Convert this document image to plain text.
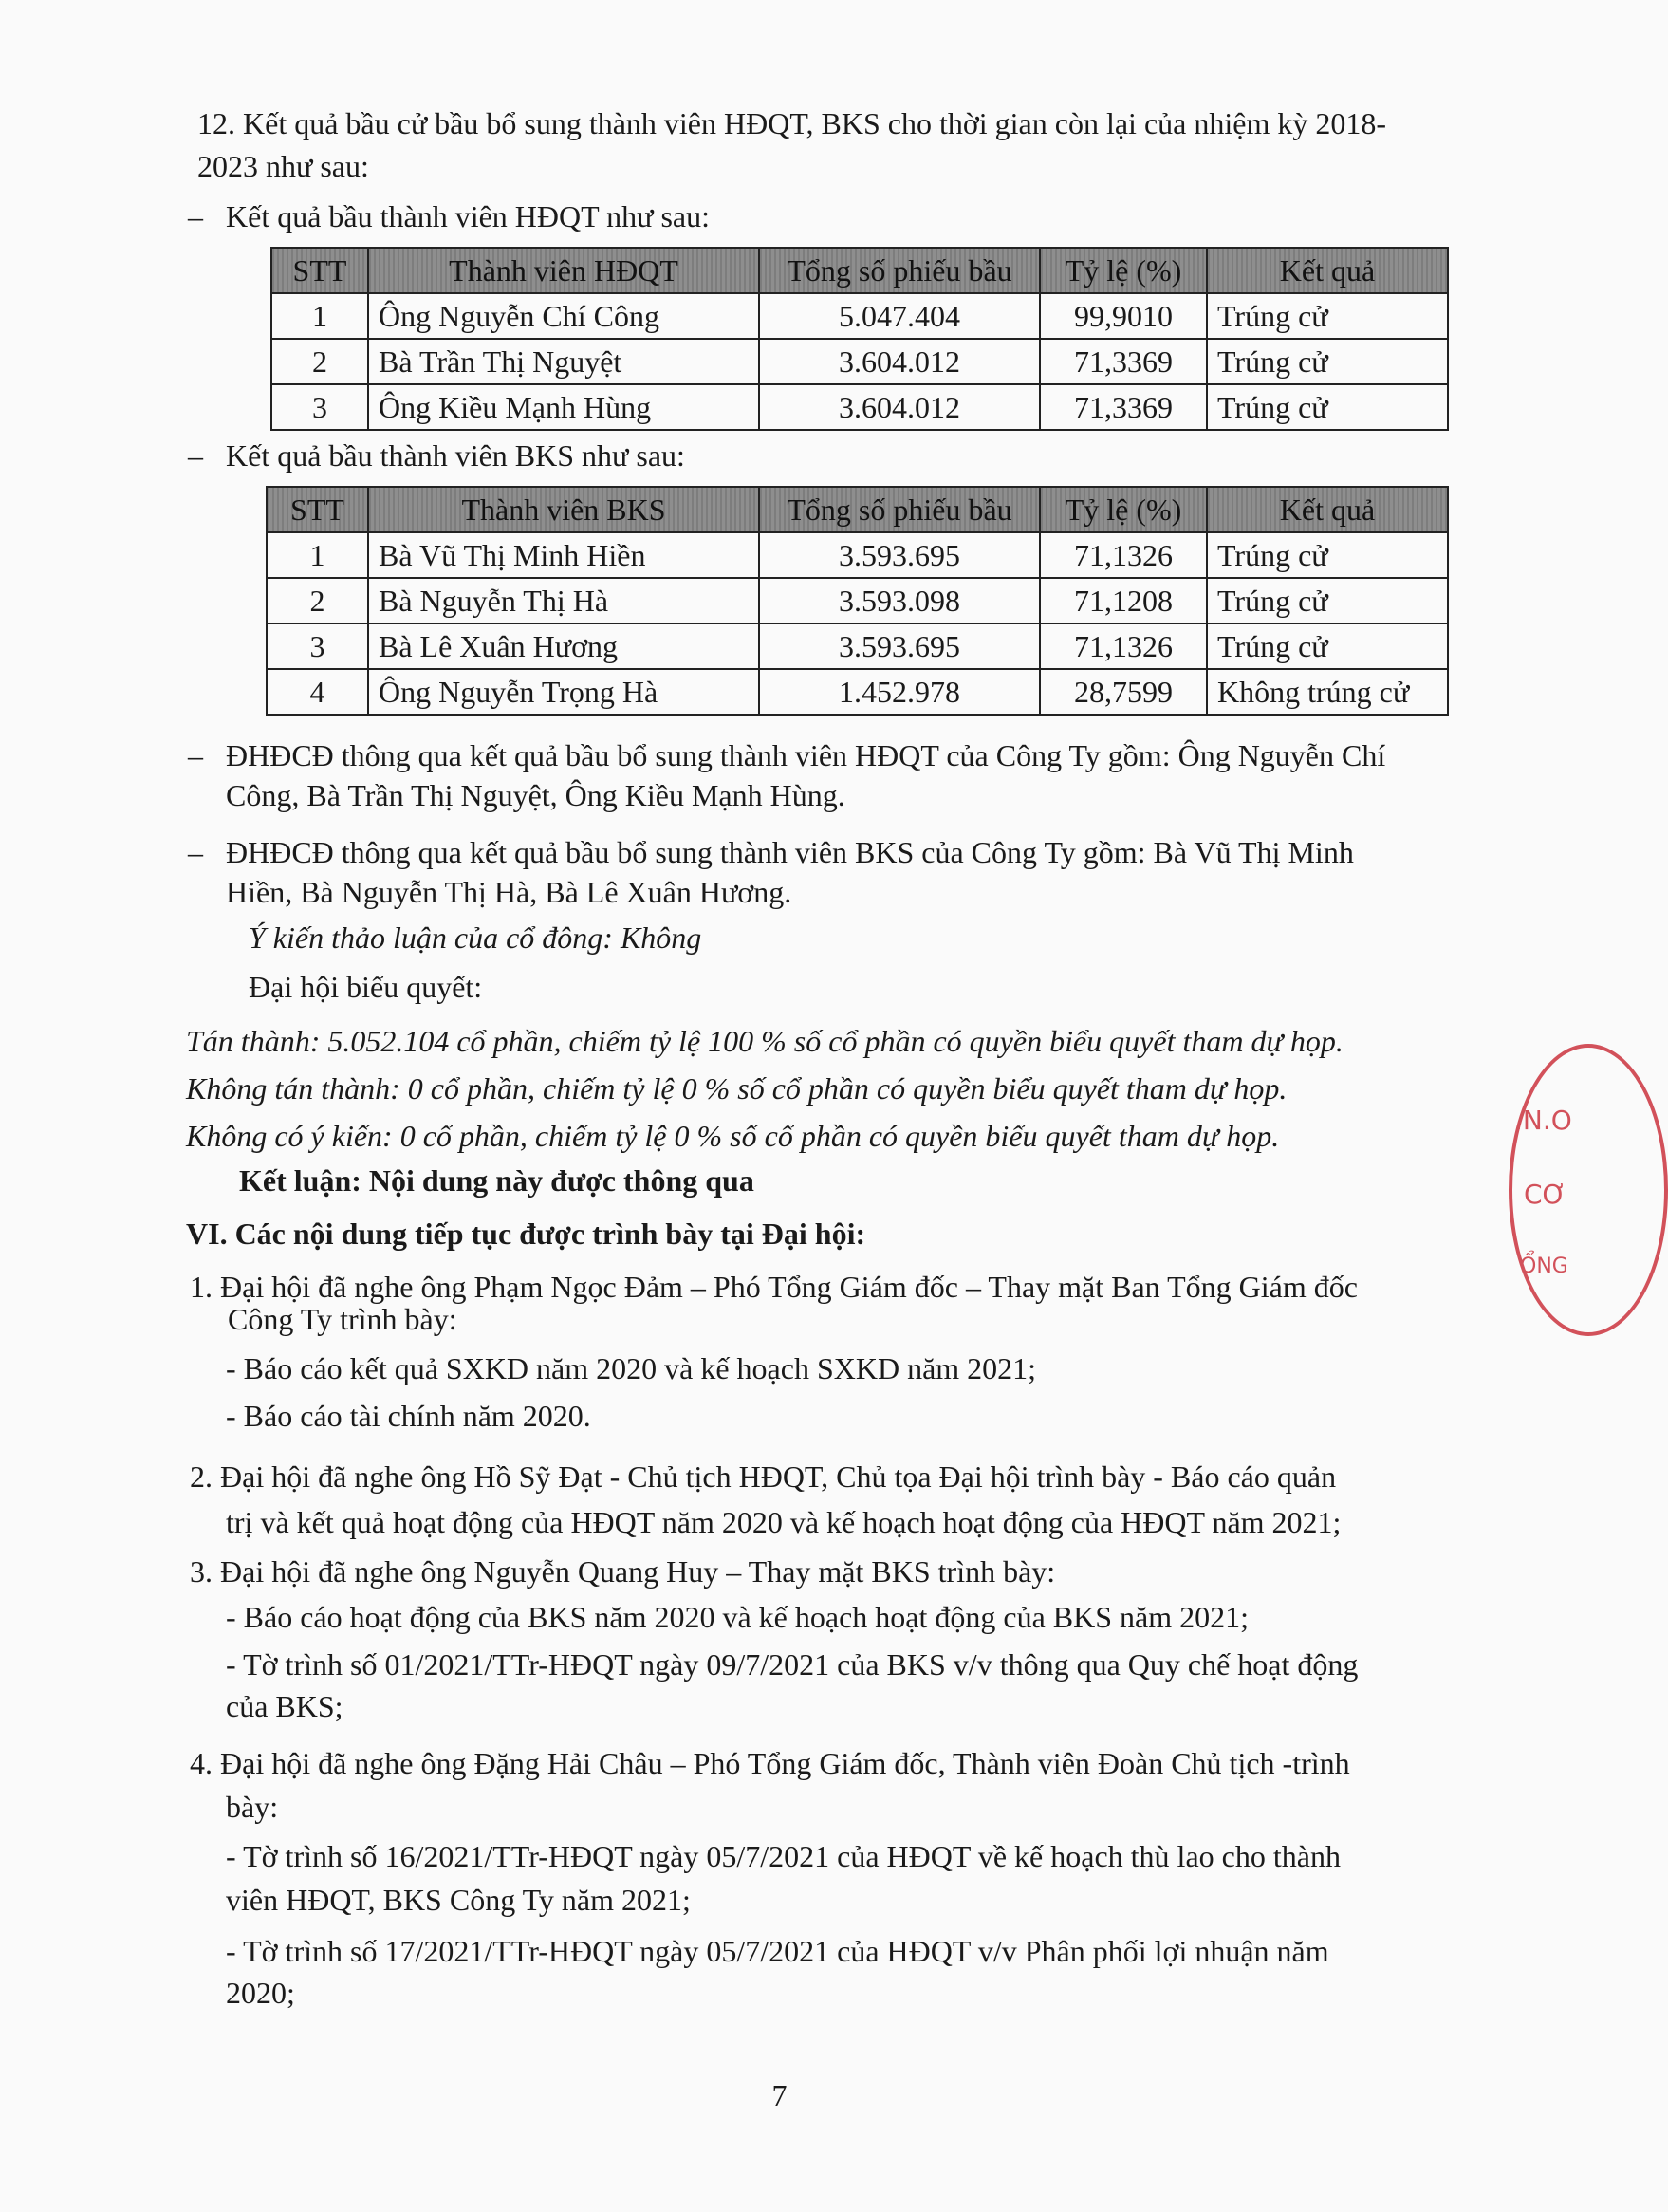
12. Kết quả bầu cử bầu bổ sung thành viên HĐQT, BKS cho thời gian còn lại của nhiệm kỳ 2018-
2023 như sau:
– Kết quả bầu thành viên HĐQT như sau:
STT	Thành viên HĐQT	Tổng số phiếu bầu	Tỷ lệ (%)	Kết quả
1	Ông Nguyễn Chí Công	5.047.404	99,9010	Trúng cử
2	Bà Trần Thị Nguyệt	3.604.012	71,3369	Trúng cử
3	Ông Kiều Mạnh Hùng	3.604.012	71,3369	Trúng cử
– Kết quả bầu thành viên BKS như sau:
STT	Thành viên BKS	Tổng số phiếu bầu	Tỷ lệ (%)	Kết quả
1	Bà Vũ Thị Minh Hiền	3.593.695	71,1326	Trúng cử
2	Bà Nguyễn Thị Hà	3.593.098	71,1208	Trúng cử
3	Bà Lê Xuân Hương	3.593.695	71,1326	Trúng cử
4	Ông Nguyễn Trọng Hà	1.452.978	28,7599	Không trúng cử
– ĐHĐCĐ thông qua kết quả bầu bổ sung thành viên HĐQT của Công Ty gồm: Ông Nguyễn Chí
Công, Bà Trần Thị Nguyệt, Ông Kiều Mạnh Hùng.
– ĐHĐCĐ thông qua kết quả bầu bổ sung thành viên BKS của Công Ty gồm: Bà Vũ Thị Minh
Hiền, Bà Nguyễn Thị Hà, Bà Lê Xuân Hương.
Ý kiến thảo luận của cổ đông: Không
Đại hội biểu quyết:
Tán thành: 5.052.104 cổ phần, chiếm tỷ lệ 100 % số cổ phần có quyền biểu quyết tham dự họp.
Không tán thành: 0 cổ phần, chiếm tỷ lệ 0 % số cổ phần có quyền biểu quyết tham dự họp.
Không có ý kiến: 0 cổ phần, chiếm tỷ lệ 0 % số cổ phần có quyền biểu quyết tham dự họp.
Kết luận: Nội dung này được thông qua
VI. Các nội dung tiếp tục được trình bày tại Đại hội:
1. Đại hội đã nghe ông Phạm Ngọc Đảm – Phó Tổng Giám đốc – Thay mặt Ban Tổng Giám đốc
Công Ty trình bày:
- Báo cáo kết quả SXKD năm 2020 và kế hoạch SXKD năm 2021;
- Báo cáo tài chính năm 2020.
2. Đại hội đã nghe ông Hồ Sỹ Đạt - Chủ tịch HĐQT, Chủ tọa Đại hội trình bày - Báo cáo quản
trị và kết quả hoạt động của HĐQT năm 2020 và kế hoạch hoạt động của HĐQT năm 2021;
3. Đại hội đã nghe ông Nguyễn Quang Huy – Thay mặt BKS trình bày:
- Báo cáo hoạt động của BKS năm 2020 và kế hoạch hoạt động của BKS năm 2021;
- Tờ trình số 01/2021/TTr-HĐQT ngày 09/7/2021 của BKS v/v thông qua Quy chế hoạt động
của BKS;
4. Đại hội đã nghe ông Đặng Hải Châu – Phó Tổng Giám đốc, Thành viên Đoàn Chủ tịch -trình
bày:
- Tờ trình số 16/2021/TTr-HĐQT ngày 05/7/2021 của HĐQT về kế hoạch thù lao cho thành
viên HĐQT, BKS Công Ty năm 2021;
- Tờ trình số 17/2021/TTr-HĐQT ngày 05/7/2021 của HĐQT v/v Phân phối lợi nhuận năm
2020;
7
.N.O
CƠ
ỔNG
